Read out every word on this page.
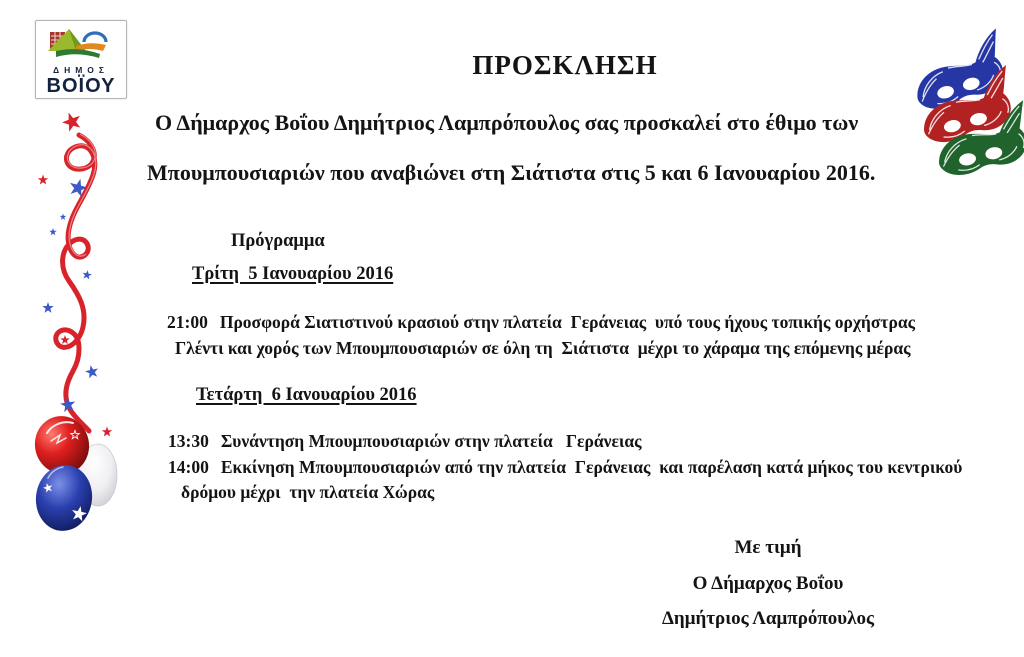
ΔΗΜΟΣ
ΒΟΪΟΥ
ΠΡΟΣΚΛΗΣΗ
Ο Δήμαρχος Βοΐου Δημήτριος Λαμπρόπουλος σας προσκαλεί στο έθιμο των
Μπουμπουσιαριών που αναβιώνει στη Σιάτιστα στις 5 και 6 Ιανουαρίου 2016.
Πρόγραμμα
Τρίτη  5 Ιανουαρίου 2016
21:00 Προσφορά Σιατιστινού κρασιού στην πλατεία  Γεράνειας  υπό τους ήχους τοπικής ορχήστρας
Γλέντι και χορός των Μπουμπουσιαριών σε όλη τη  Σιάτιστα  μέχρι το χάραμα της επόμενης μέρας
Τετάρτη  6 Ιανουαρίου 2016
13:30 Συνάντηση Μπουμπουσιαριών στην πλατεία   Γεράνειας
14:00 Εκκίνηση Μπουμπουσιαριών από την πλατεία  Γεράνειας  και παρέλαση κατά μήκος του κεντρικού
δρόμου μέχρι  την πλατεία Χώρας
Με τιμή
Ο Δήμαρχος Βοΐου
Δημήτριος Λαμπρόπουλος
